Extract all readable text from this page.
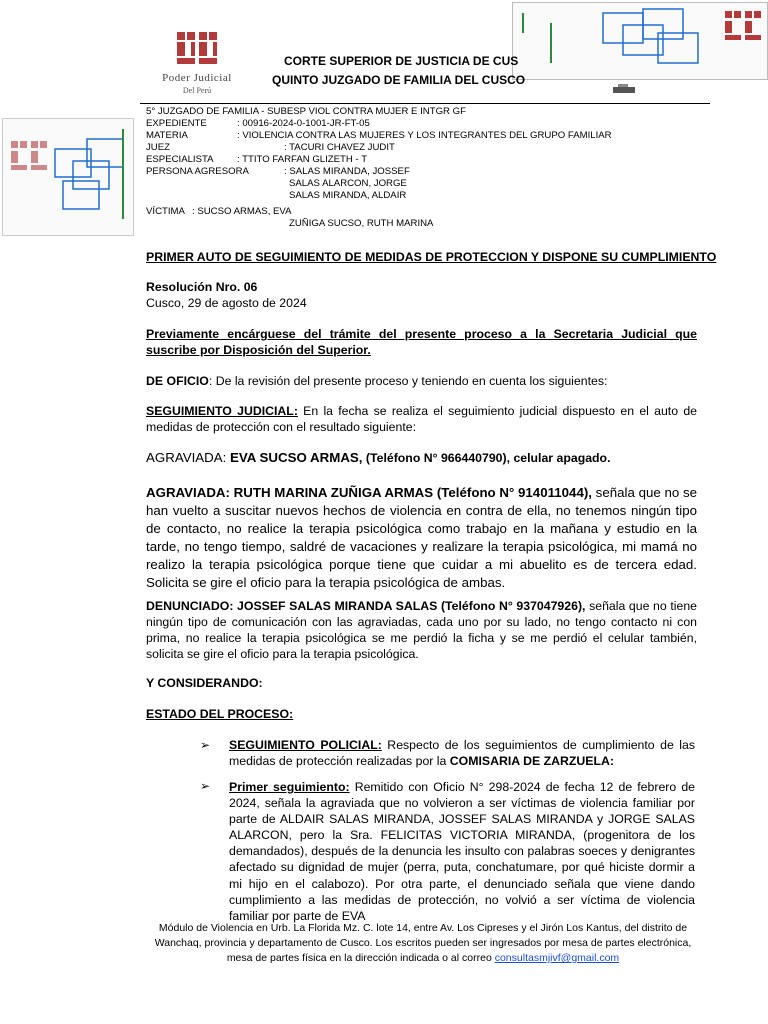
Poder Judicial
Del Perú
CORTE SUPERIOR DE JUSTICIA DE CUS
QUINTO JUZGADO DE FAMILIA DEL CUSCO
5° JUZGADO DE FAMILIA - SUBESP VIOL CONTRA MUJER E INTGR GF
EXPEDIENTE	: 00916-2024-0-1001-JR-FT-05
MATERIA	: VIOLENCIA CONTRA LAS MUJERES Y LOS INTEGRANTES DEL GRUPO FAMILIAR
JUEZ	: TACURI CHAVEZ JUDIT
ESPECIALISTA : TTITO FARFAN GLIZETH - T
PERSONA AGRESORA	: SALAS MIRANDA, JOSSEF
SALAS ALARCON, JORGE
SALAS MIRANDA, ALDAIR
VÍCTIMA : SUCSO ARMAS, EVA
ZUÑIGA SUCSO, RUTH MARINA
PRIMER AUTO DE SEGUIMIENTO DE MEDIDAS DE PROTECCION Y DISPONE SU CUMPLIMIENTO
Resolución Nro. 06
Cusco, 29 de agosto de 2024
Previamente encárguese del trámite del presente proceso a la Secretaria Judicial que suscribe por Disposición del Superior.
DE OFICIO: De la revisión del presente proceso y teniendo en cuenta los siguientes:
SEGUIMIENTO JUDICIAL: En la fecha se realiza el seguimiento judicial dispuesto en el auto de medidas de protección con el resultado siguiente:
AGRAVIADA: EVA SUCSO ARMAS, (Teléfono N° 966440790), celular apagado.
AGRAVIADA: RUTH MARINA ZUÑIGA ARMAS (Teléfono N° 914011044), señala que no se han vuelto a suscitar nuevos hechos de violencia en contra de ella, no tenemos ningún tipo de contacto, no realice la terapia psicológica como trabajo en la mañana y estudio en la tarde, no tengo tiempo, saldré de vacaciones y realizare la terapia psicológica, mi mamá no realizo la terapia psicológica porque tiene que cuidar a mi abuelito es de tercera edad. Solicita se gire el oficio para la terapia psicológica de ambas.
DENUNCIADO: JOSSEF SALAS MIRANDA SALAS (Teléfono N° 937047926), señala que no tiene ningún tipo de comunicación con las agraviadas, cada uno por su lado, no tengo contacto ni con prima, no realice la terapia psicológica se me perdió la ficha y se me perdió el celular también, solicita se gire el oficio para la terapia psicológica.
Y CONSIDERANDO:
ESTADO DEL PROCESO:
➢ SEGUIMIENTO POLICIAL: Respecto de los seguimientos de cumplimiento de las medidas de protección realizadas por la COMISARIA DE ZARZUELA:
➢ Primer seguimiento: Remitido con Oficio N° 298-2024 de fecha 12 de febrero de 2024, señala la agraviada que no volvieron a ser víctimas de violencia familiar por parte de ALDAIR SALAS MIRANDA, JOSSEF SALAS MIRANDA y JORGE SALAS ALARCON, pero la Sra. FELICITAS VICTORIA MIRANDA, (progenitora de los demandados), después de la denuncia les insulto con palabras soeces y denigrantes afectado su dignidad de mujer (perra, puta, conchatumare, por qué hiciste dormir a mi hijo en el calabozo). Por otra parte, el denunciado señala que viene dando cumplimiento a las medidas de protección, no volvió a ser víctima de violencia familiar por parte de EVA
Módulo de Violencia en Urb. La Florida Mz. C. lote 14, entre Av. Los Cipreses y el Jirón Los Kantus, del distrito de Wanchaq, provincia y departamento de Cusco. Los escritos pueden ser ingresados por mesa de partes electrónica, mesa de partes física en la dirección indicada o al correo consultasmjivf@gmail.com
